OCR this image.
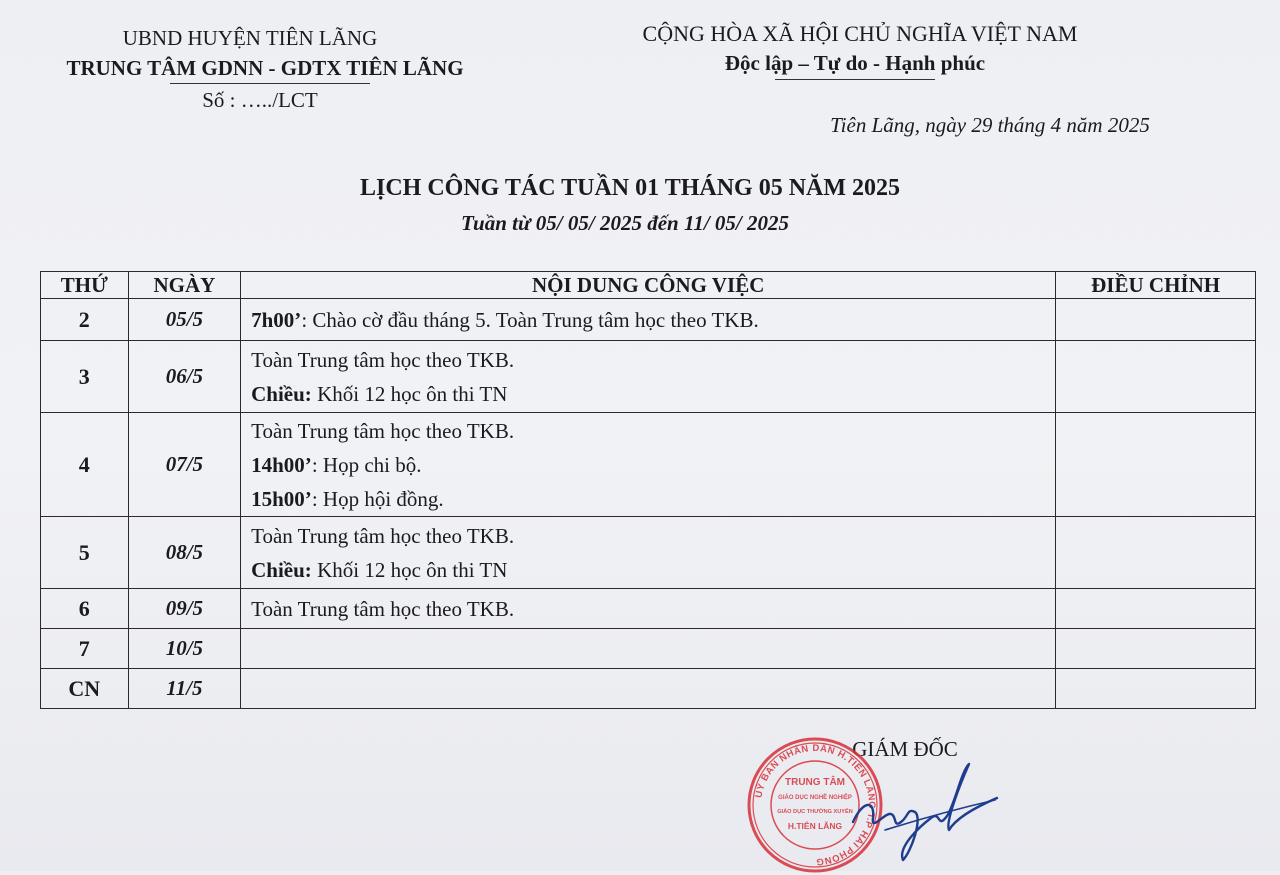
UBND HUYỆN TIÊN LÃNG
TRUNG TÂM GDNN - GDTX TIÊN LÃNG
Số : …../LCT
CỘNG HÒA XÃ HỘI CHỦ NGHĨA VIỆT NAM
Độc lập – Tự do - Hạnh phúc
Tiên Lãng, ngày 29 tháng 4 năm 2025
LỊCH CÔNG TÁC TUẦN 01 THÁNG 05 NĂM 2025
Tuần từ 05/ 05/ 2025 đến 11/ 05/ 2025
THỨ	NGÀY	NỘI DUNG CÔNG VIỆC	ĐIỀU CHỈNH
2	05/5	7h00’: Chào cờ đầu tháng 5. Toàn Trung tâm học theo TKB.	

3	06/5	Toàn Trung tâm học theo TKB.
Chiều: Khối 12 học ôn thi TN	

4	07/5	Toàn Trung tâm học theo TKB.
14h00’: Họp chi bộ.
15h00’: Họp hội đồng.	

5	08/5	Toàn Trung tâm học theo TKB.
Chiều: Khối 12 học ôn thi TN	

6	09/5	Toàn Trung tâm học theo TKB.	

7	10/5		
CN	11/5		
GIÁM ĐỐC
UỶ BAN NHÂN DÂN H.TIÊN LÃNG T.P HẢI PHÒNG
TRUNG TÂM
GIÁO DỤC NGHỀ NGHIỆP
GIÁO DỤC THƯỜNG XUYÊN
H.TIÊN LÃNG
